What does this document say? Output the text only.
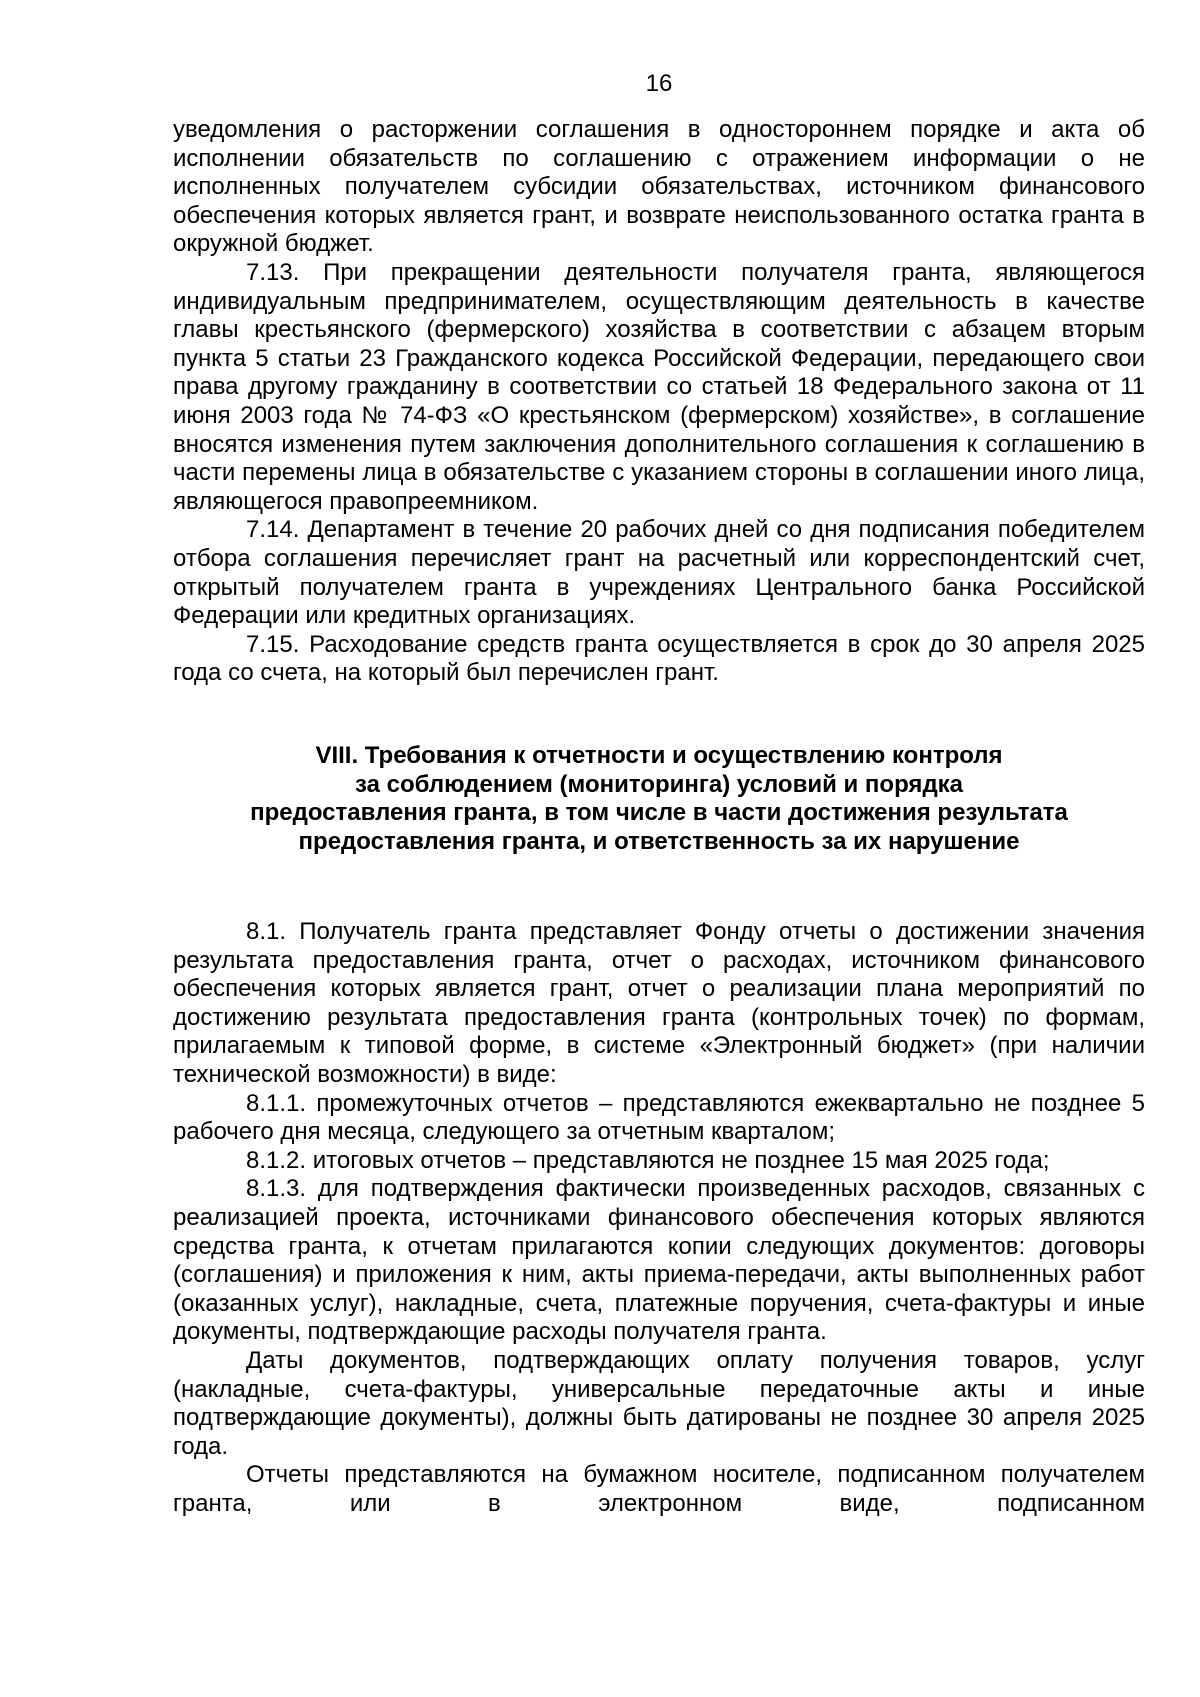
16

уведомления о расторжении соглашения в одностороннем порядке и акта об исполнении обязательств по соглашению с отражением информации о не исполненных получателем субсидии обязательствах, источником финансового обеспечения которых является грант, и возврате неиспользованного остатка гранта в окружной бюджет.

7.13. При прекращении деятельности получателя гранта, являющегося индивидуальным предпринимателем, осуществляющим деятельность в качестве главы крестьянского (фермерского) хозяйства в соответствии с абзацем вторым пункта 5 статьи 23 Гражданского кодекса Российской Федерации, передающего свои права другому гражданину в соответствии со статьей 18 Федерального закона от 11 июня 2003 года № 74-ФЗ «О крестьянском (фермерском) хозяйстве», в соглашение вносятся изменения путем заключения дополнительного соглашения к соглашению в части перемены лица в обязательстве с указанием стороны в соглашении иного лица, являющегося правопреемником.

7.14. Департамент в течение 20 рабочих дней со дня подписания победителем отбора соглашения перечисляет грант на расчетный или корреспондентский счет, открытый получателем гранта в учреждениях Центрального банка Российской Федерации или кредитных организациях.

7.15. Расходование средств гранта осуществляется в срок до 30 апреля 2025 года со счета, на который был перечислен грант.

VIII. Требования к отчетности и осуществлению контроля
за соблюдением (мониторинга) условий и порядка
предоставления гранта, в том числе в части достижения результата
предоставления гранта, и ответственность за их нарушение

8.1. Получатель гранта представляет Фонду отчеты о достижении значения результата предоставления гранта, отчет о расходах, источником финансового обеспечения которых является грант, отчет о реализации плана мероприятий по достижению результата предоставления гранта (контрольных точек) по формам, прилагаемым к типовой форме, в системе «Электронный бюджет» (при наличии технической возможности) в виде:

8.1.1. промежуточных отчетов – представляются ежеквартально не позднее 5 рабочего дня месяца, следующего за отчетным кварталом;

8.1.2. итоговых отчетов – представляются не позднее 15 мая 2025 года;

8.1.3. для подтверждения фактически произведенных расходов, связанных с реализацией проекта, источниками финансового обеспечения которых являются средства гранта, к отчетам прилагаются копии следующих документов: договоры (соглашения) и приложения к ним, акты приема-передачи, акты выполненных работ (оказанных услуг), накладные, счета, платежные поручения, счета-фактуры и иные документы, подтверждающие расходы получателя гранта.

Даты документов, подтверждающих оплату получения товаров, услуг (накладные, счета-фактуры, универсальные передаточные акты и иные подтверждающие документы), должны быть датированы не позднее 30 апреля 2025 года.

Отчеты представляются на бумажном носителе, подписанном получателем гранта, или в электронном виде, подписанном
